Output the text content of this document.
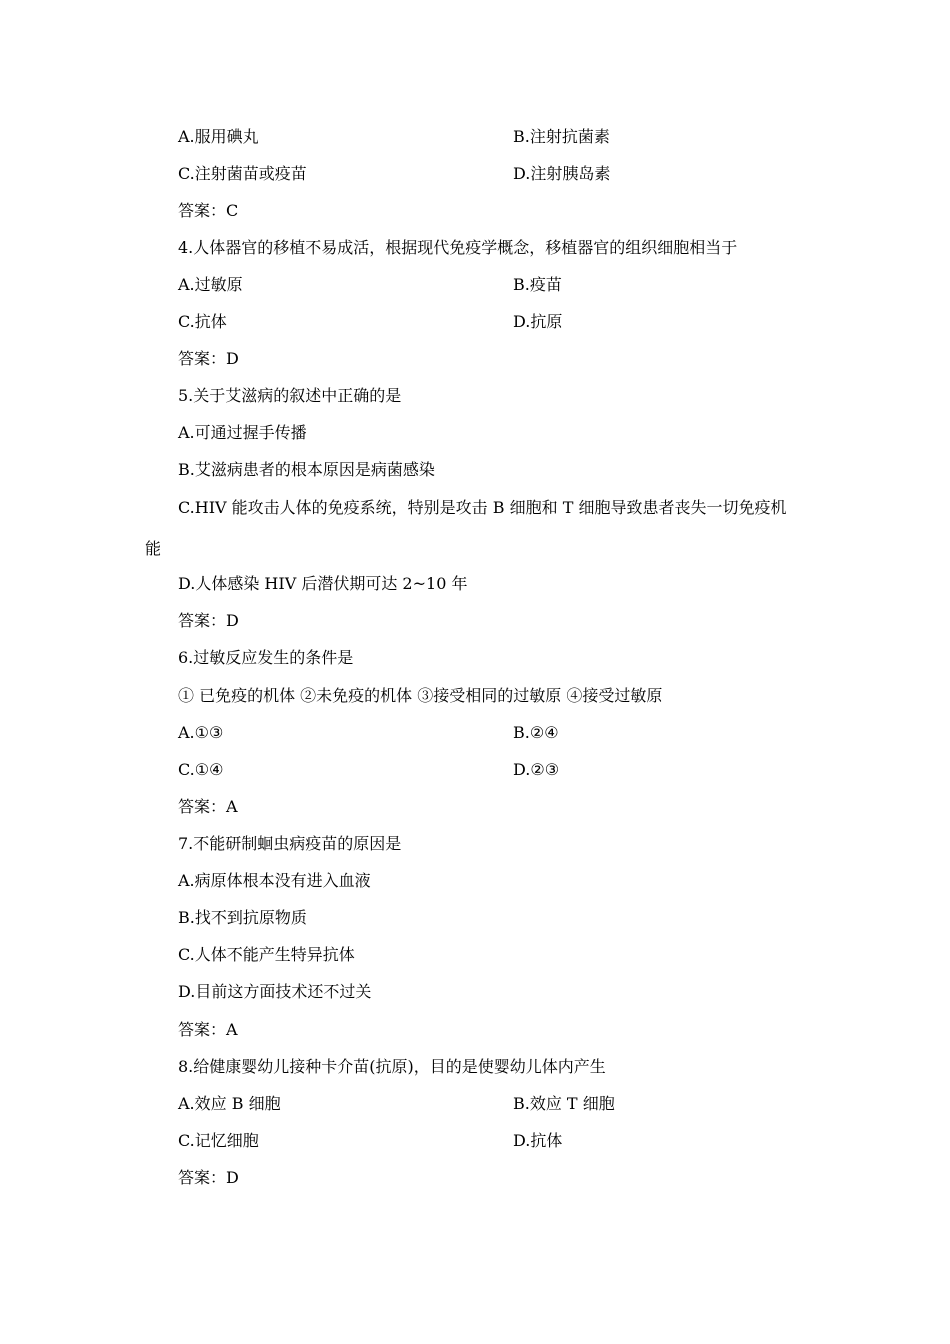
A.服用碘丸	B.注射抗菌素
C.注射菌苗或疫苗	D.注射胰岛素
答案：C
4.人体器官的移植不易成活，根据现代免疫学概念，移植器官的组织细胞相当于
A.过敏原	B.疫苗
C.抗体	D.抗原
答案：D
5.关于艾滋病的叙述中正确的是
A.可通过握手传播
B.艾滋病患者的根本原因是病菌感染
C.HIV 能攻击人体的免疫系统，特别是攻击 B 细胞和 T 细胞导致患者丧失一切免疫机
能
D.人体感染 HIV 后潜伏期可达 2~10 年
答案：D
6.过敏反应发生的条件是
① 已免疫的机体 ②未免疫的机体 ③接受相同的过敏原 ④接受过敏原
A.①③	B.②④
C.①④	D.②③
答案：A
7.不能研制蛔虫病疫苗的原因是
A.病原体根本没有进入血液
B.找不到抗原物质
C.人体不能产生特异抗体
D.目前这方面技术还不过关
答案：A
8.给健康婴幼儿接种卡介苗(抗原)，目的是使婴幼儿体内产生
A.效应 B 细胞	B.效应 T 细胞
C.记忆细胞	D.抗体
答案：D
